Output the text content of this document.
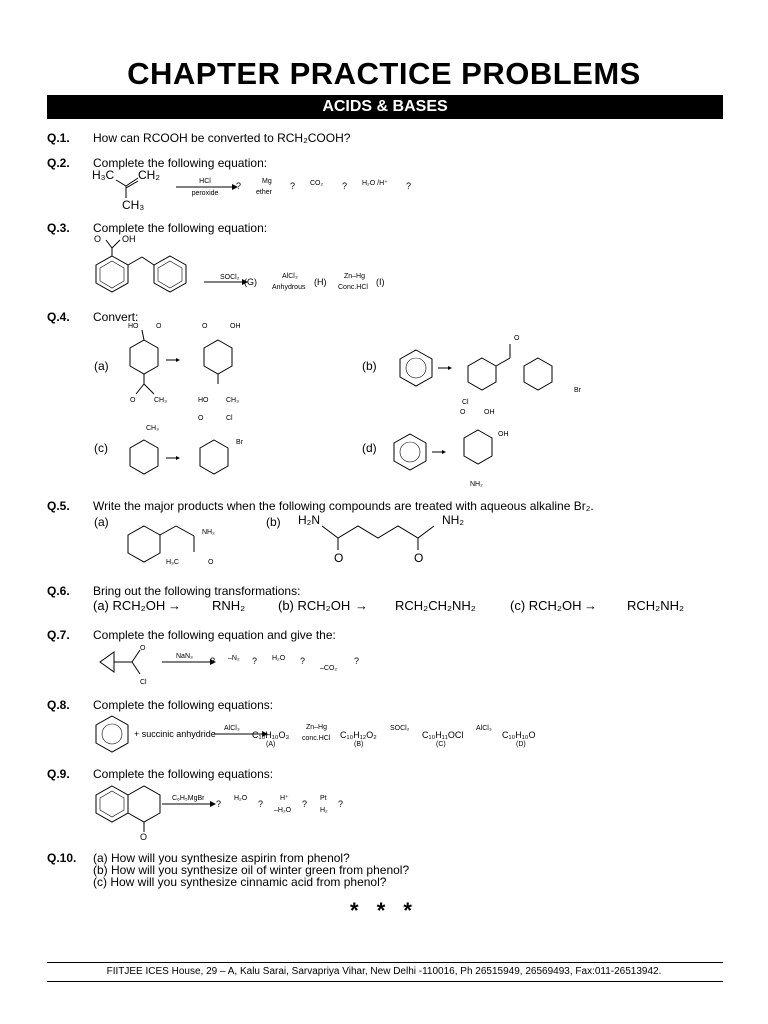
CHAPTER PRACTICE PROBLEMS
ACIDS & BASES
Q.1. How can RCOOH be converted to RCH₂COOH?
Q.2. Complete the following equation:
H₃C CH₂
CH₃
HCl
peroxide
?	Mg
ether
? CO₂ ? H₂O /H⁺ ?
Q.3. Complete the following equation:
O OH
SOCl₂ (G)
AlCl₃
Anhydrous
(H)
Zn–Hg
Conc.HCl
(I)
Q.4. Convert:
(a)
HO	O
O	CH₃
O	OH
HO	CH₃
(b)
Cl
O
Br
(c)
CH₃
O	Cl
Br	(d)
O	OH
OH
NH₂
Q.5. Write the major products when the following compounds are treated with aqueous alkaline Br₂.
(a)
NH₂
H₃C	O
(b) H₂N
O	O
NH₂
Q.6. Bring out the following transformations:
(a) RCH₂OH → RNH₂	(b) RCH₂OH → RCH₂CH₂NH₂	(c) RCH₂OH → RCH₂NH₂
Q.7. Complete the following equation and give the:
O
Cl
NaN₃ ? –N₂ ? H₂O ?
–CO₂
?
Q.8. Complete the following equations:
+ succinic anhydride
AlCl₃
C₁₀H₁₀O₃
(A)
Zn–Hg
conc.HCl C₁₀H₁₂O₂
(B)
SOCl₂
C₁₀H₁₁OCl
(C)
AlCl₃
C₁₀H₁₀O
(D)
Q.9. Complete the following equations:
O
C₆H₅MgBr
?
H₂O
?
H⁺
–H₂O
?
Pt
H₂
?
Q.10. (a) How will you synthesize aspirin from phenol?
(b) How will you synthesize oil of winter green from phenol?
(c) How will you synthesize cinnamic acid from phenol?
* * *
FIITJEE ICES House, 29 – A, Kalu Sarai, Sarvapriya Vihar, New Delhi -110016, Ph 26515949, 26569493, Fax:011-26513942.
